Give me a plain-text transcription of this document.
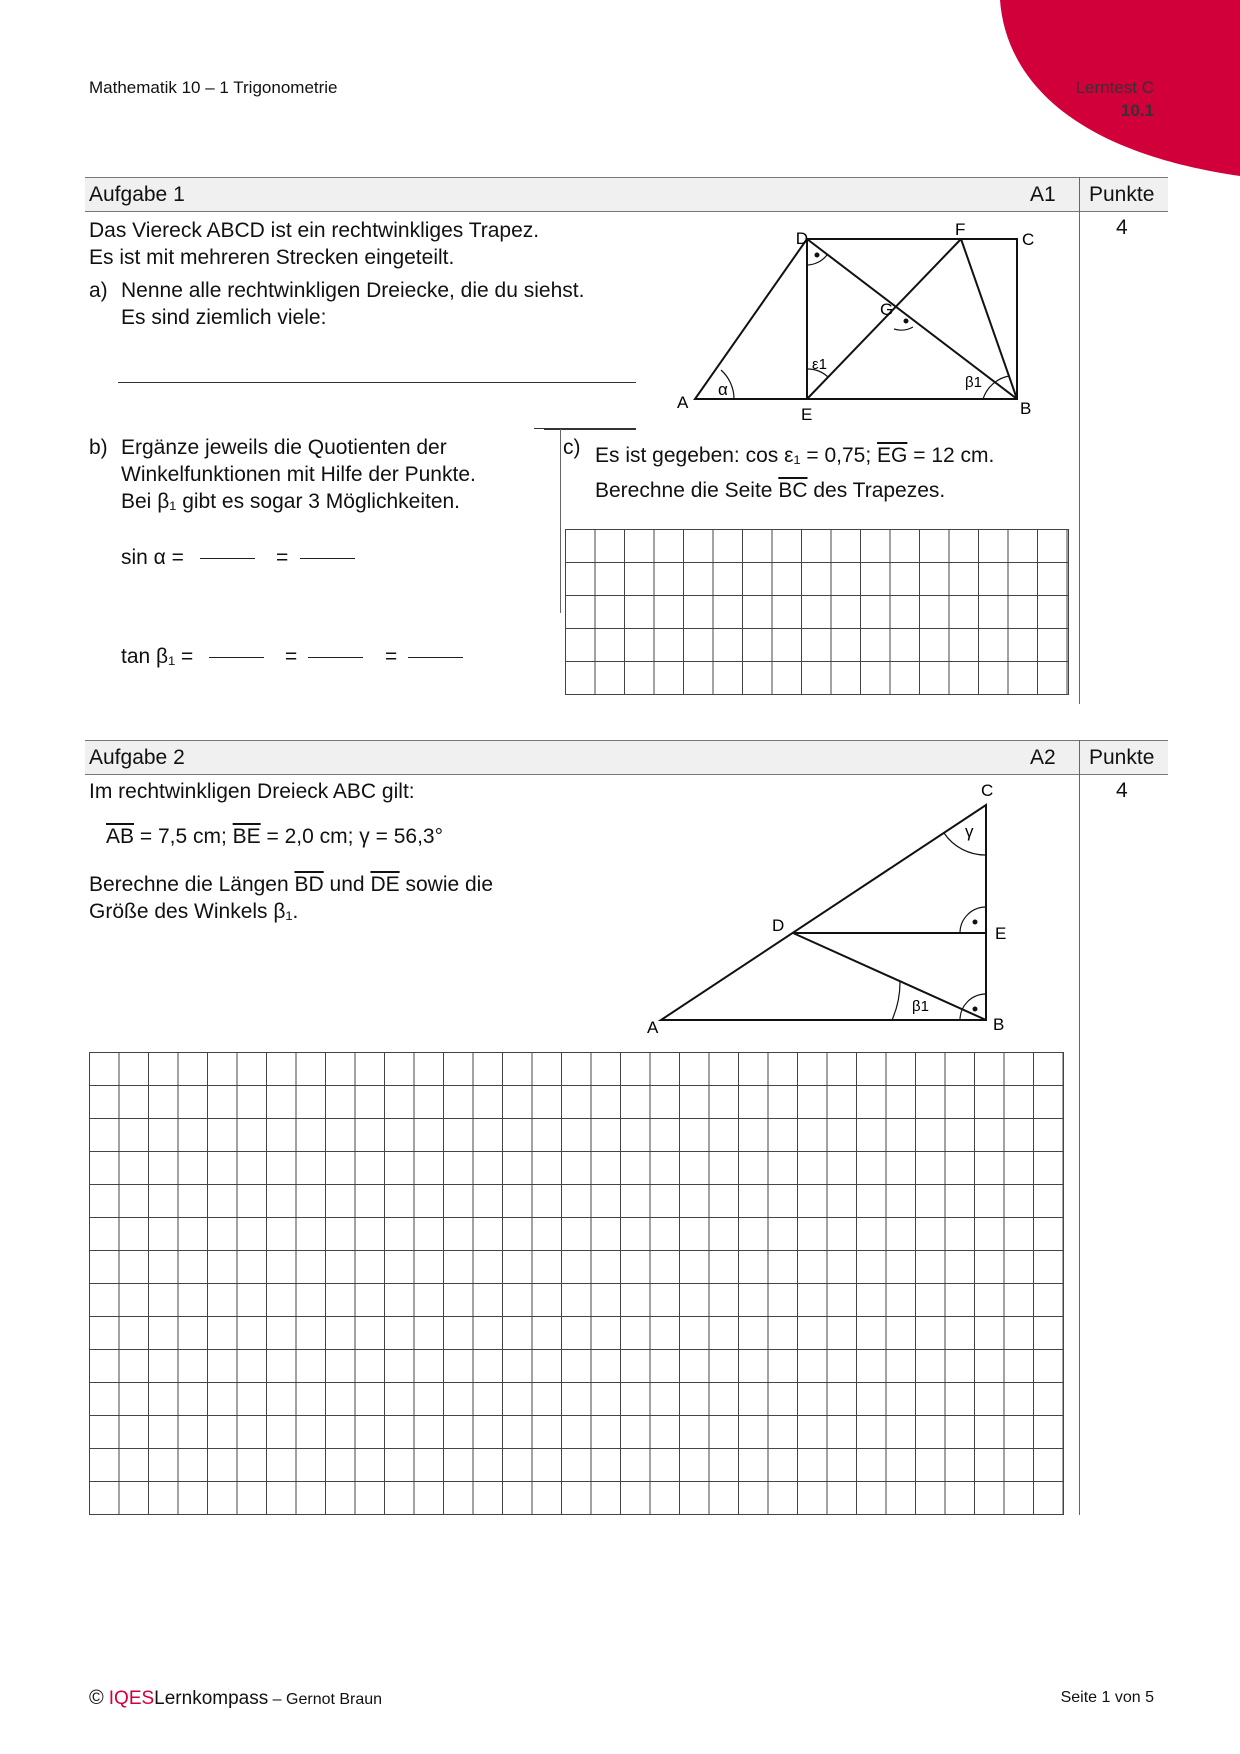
Mathematik 10 – 1 Trigonometrie	Lerntest C
10.1
Aufgabe 1	A1 Punkte
4
Das Viereck ABCD ist ein rechtwinkliges Trapez.
Es ist mit mehreren Strecken eingeteilt.
a) Nenne alle rechtwinkligen Dreiecke, die du siehst.
Es sind ziemlich viele:
A	B
C
D
E
F
G
α
ε1
β1
b) Ergänze jeweils die Quotienten der
Winkelfunktionen mit Hilfe der Punkte.
Bei β₁ gibt es sogar 3 Möglichkeiten.
sin α =	=
tan β₁ =	=	=
c) Es ist gegeben: cos ε₁ = 0,75; $\overline{EG} = 12$ cm.
Berechne die Seite $\overline{BC}$ des Trapezes.
Aufgabe 2	A2 Punkte
4
Im rechtwinkligen Dreieck ABC gilt:
$\overline{AB} = 7,5$ cm; $\overline{BE} = 2,0$ cm; γ = 56,3°
Berechne die Längen $\overline{BD}$ und $\overline{DE}$ sowie die
Größe des Winkels β₁.
A	B
C
D	E
γ
β1
© IQESLernkompass – Gernot Braun	Seite 1 von 5
